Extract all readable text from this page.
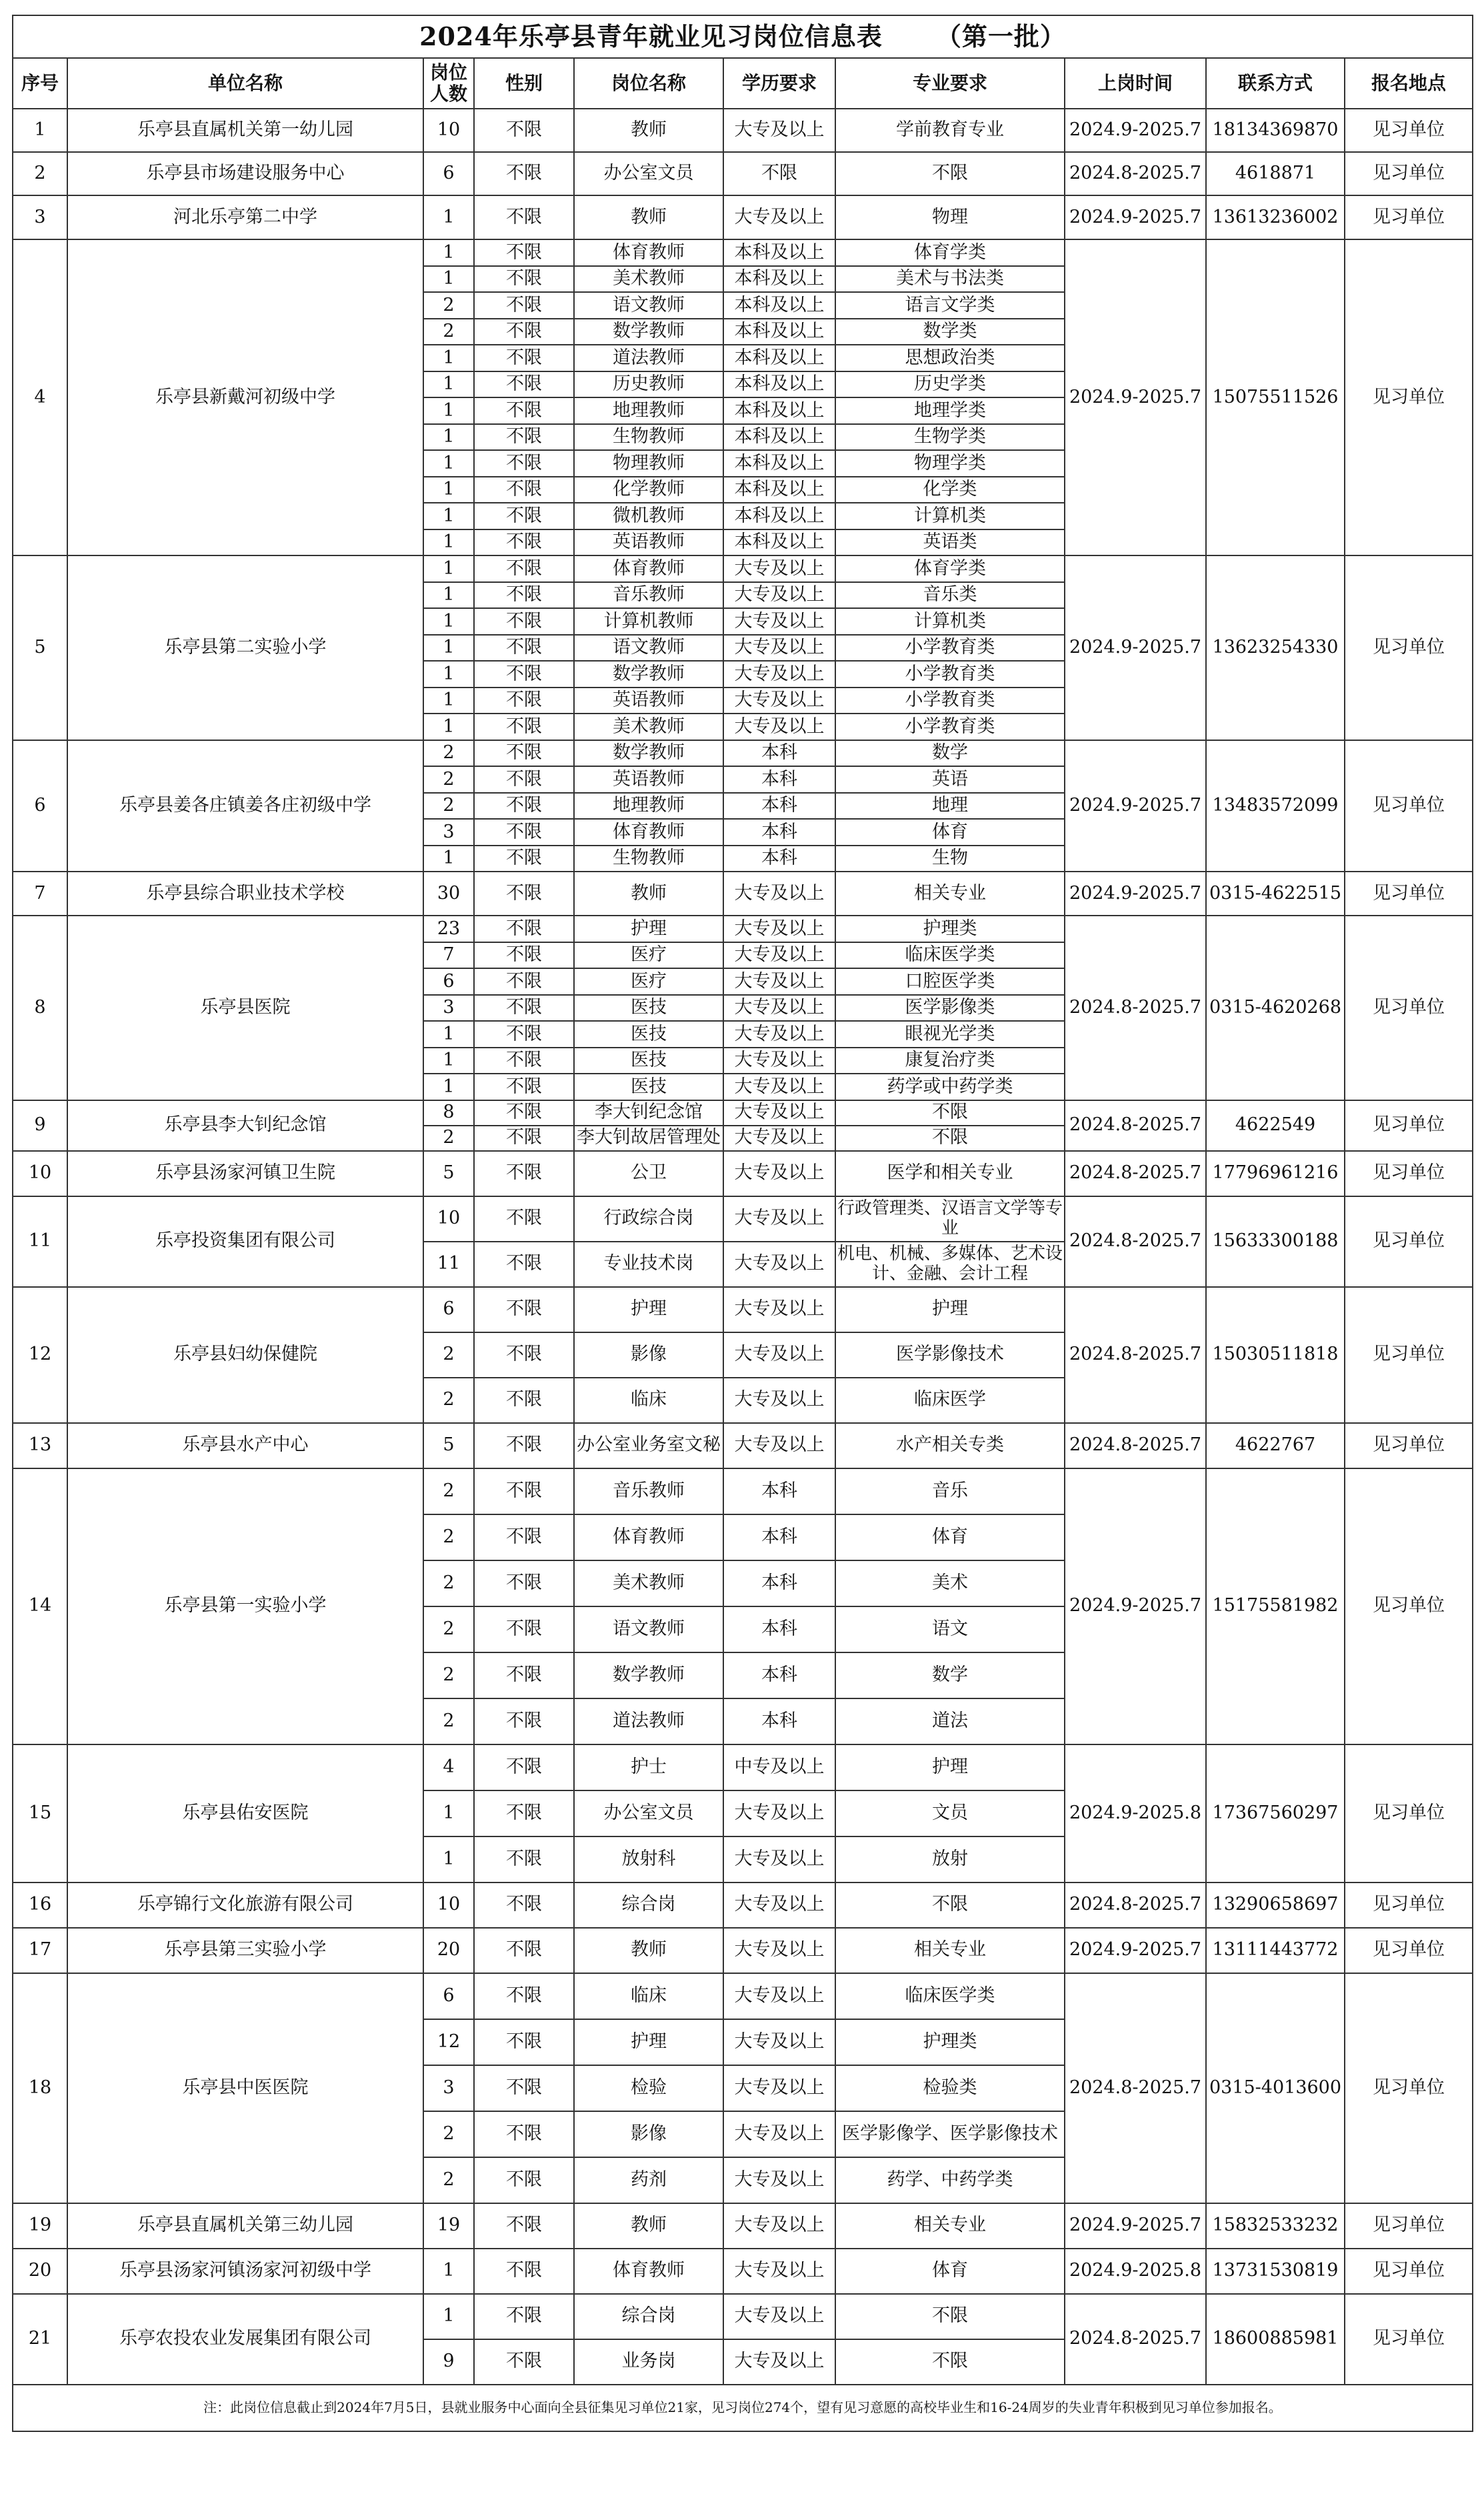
2024年乐亭县青年就业见习岗位信息表 （第一批）									
序号	单位名称	岗位人数	性别	岗位名称	学历要求	专业要求	上岗时间	联系方式	报名地点
1	乐亭县直属机关第一幼儿园	10	不限	教师	大专及以上	学前教育专业	2024.9-2025.7	18134369870	见习单位
2	乐亭县市场建设服务中心	6	不限	办公室文员	不限	不限	2024.8-2025.7	4618871	见习单位
3	河北乐亭第二中学	1	不限	教师	大专及以上	物理	2024.9-2025.7	13613236002	见习单位
4	乐亭县新戴河初级中学	1	不限	体育教师	本科及以上	体育学类	2024.9-2025.7	15075511526	见习单位
		1	不限	美术教师	本科及以上	美术与书法类			
		2	不限	语文教师	本科及以上	语言文学类			
		2	不限	数学教师	本科及以上	数学类			
		1	不限	道法教师	本科及以上	思想政治类			
		1	不限	历史教师	本科及以上	历史学类			
		1	不限	地理教师	本科及以上	地理学类			
		1	不限	生物教师	本科及以上	生物学类			
		1	不限	物理教师	本科及以上	物理学类			
		1	不限	化学教师	本科及以上	化学类			
		1	不限	微机教师	本科及以上	计算机类			
		1	不限	英语教师	本科及以上	英语类			
5	乐亭县第二实验小学	1	不限	体育教师	大专及以上	体育学类	2024.9-2025.7	13623254330	见习单位
		1	不限	音乐教师	大专及以上	音乐类			
		1	不限	计算机教师	大专及以上	计算机类			
		1	不限	语文教师	大专及以上	小学教育类			
		1	不限	数学教师	大专及以上	小学教育类			
		1	不限	英语教师	大专及以上	小学教育类			
		1	不限	美术教师	大专及以上	小学教育类			
6	乐亭县姜各庄镇姜各庄初级中学	2	不限	数学教师	本科	数学	2024.9-2025.7	13483572099	见习单位
		2	不限	英语教师	本科	英语			
		2	不限	地理教师	本科	地理			
		3	不限	体育教师	本科	体育			
		1	不限	生物教师	本科	生物			
7	乐亭县综合职业技术学校	30	不限	教师	大专及以上	相关专业	2024.9-2025.7	0315-4622515	见习单位
8	乐亭县医院	23	不限	护理	大专及以上	护理类	2024.8-2025.7	0315-4620268	见习单位
		7	不限	医疗	大专及以上	临床医学类			
		6	不限	医疗	大专及以上	口腔医学类			
		3	不限	医技	大专及以上	医学影像类			
		1	不限	医技	大专及以上	眼视光学类			
		1	不限	医技	大专及以上	康复治疗类			
		1	不限	医技	大专及以上	药学或中药学类			
9	乐亭县李大钊纪念馆	8	不限	李大钊纪念馆	大专及以上	不限	2024.8-2025.7	4622549	见习单位
		2	不限	李大钊故居管理处	大专及以上	不限			
10	乐亭县汤家河镇卫生院	5	不限	公卫	大专及以上	医学和相关专业	2024.8-2025.7	17796961216	见习单位
11	乐亭投资集团有限公司	10	不限	行政综合岗	大专及以上	行政管理类、汉语言文学等专业	2024.8-2025.7	15633300188	见习单位
		11	不限	专业技术岗	大专及以上	机电、机械、多媒体、艺术设计、金融、会计工程			
12	乐亭县妇幼保健院	6	不限	护理	大专及以上	护理	2024.8-2025.7	15030511818	见习单位
		2	不限	影像	大专及以上	医学影像技术			
		2	不限	临床	大专及以上	临床医学			
13	乐亭县水产中心	5	不限	办公室业务室文秘	大专及以上	水产相关专类	2024.8-2025.7	4622767	见习单位
14	乐亭县第一实验小学	2	不限	音乐教师	本科	音乐	2024.9-2025.7	15175581982	见习单位
		2	不限	体育教师	本科	体育			
		2	不限	美术教师	本科	美术			
		2	不限	语文教师	本科	语文			
		2	不限	数学教师	本科	数学			
		2	不限	道法教师	本科	道法			
15	乐亭县佑安医院	4	不限	护士	中专及以上	护理	2024.9-2025.8	17367560297	见习单位
		1	不限	办公室文员	大专及以上	文员			
		1	不限	放射科	大专及以上	放射			
16	乐亭锦行文化旅游有限公司	10	不限	综合岗	大专及以上	不限	2024.8-2025.7	13290658697	见习单位
17	乐亭县第三实验小学	20	不限	教师	大专及以上	相关专业	2024.9-2025.7	13111443772	见习单位
18	乐亭县中医医院	6	不限	临床	大专及以上	临床医学类	2024.8-2025.7	0315-4013600	见习单位
		12	不限	护理	大专及以上	护理类			
		3	不限	检验	大专及以上	检验类			
		2	不限	影像	大专及以上	医学影像学、医学影像技术			
		2	不限	药剂	大专及以上	药学、中药学类			
19	乐亭县直属机关第三幼儿园	19	不限	教师	大专及以上	相关专业	2024.9-2025.7	15832533232	见习单位
20	乐亭县汤家河镇汤家河初级中学	1	不限	体育教师	大专及以上	体育	2024.9-2025.8	13731530819	见习单位
21	乐亭农投农业发展集团有限公司	1	不限	综合岗	大专及以上	不限	2024.8-2025.7	18600885981	见习单位
		9	不限	业务岗	大专及以上	不限			
注：此岗位信息截止到2024年7月5日，县就业服务中心面向全县征集见习单位21家，见习岗位274个，望有见习意愿的高校毕业生和16-24周岁的失业青年积极到见习单位参加报名。									
